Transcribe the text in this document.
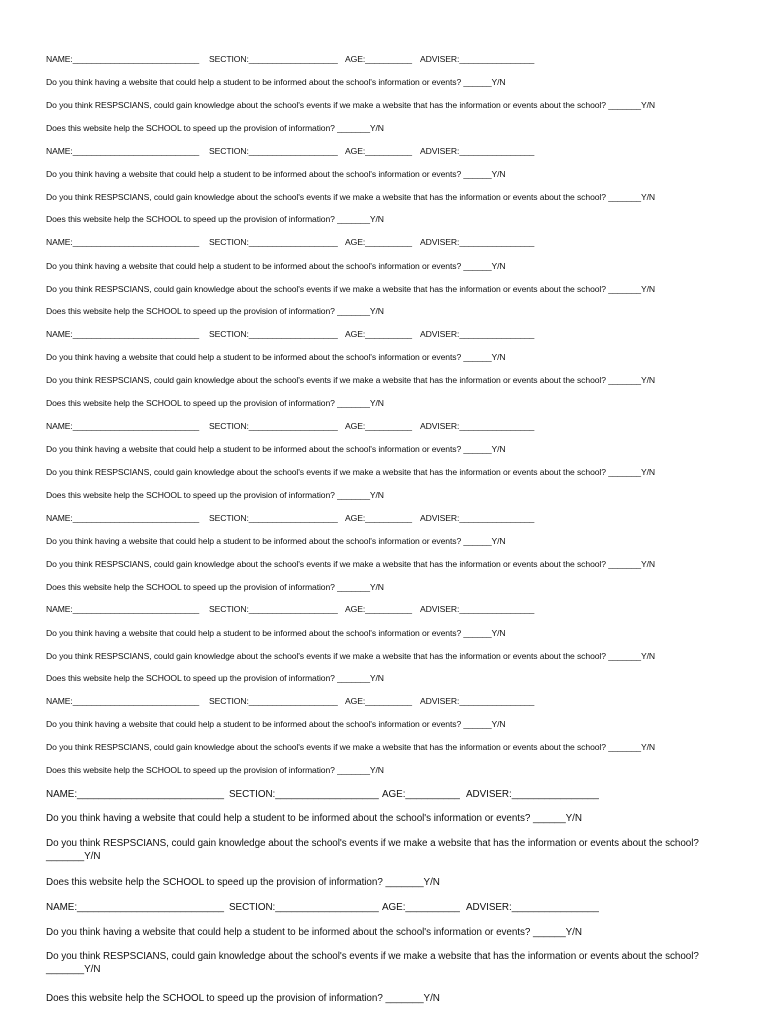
NAME:___________________________ SECTION:___________________ AGE:__________ ADVISER:________________
Do you think having a website that could help a student to be informed about the school's information or events? ______Y/N
Do you think RESPSCIANS, could gain knowledge about the school's events if we make a website that has the information or events about the school? _______Y/N
Does this website help the SCHOOL to speed up the provision of information? _______Y/N
NAME:___________________________ SECTION:___________________ AGE:__________ ADVISER:________________
Do you think having a website that could help a student to be informed about the school's information or events? ______Y/N
Do you think RESPSCIANS, could gain knowledge about the school's events if we make a website that has the information or events about the school? _______Y/N
Does this website help the SCHOOL to speed up the provision of information? _______Y/N
NAME:___________________________ SECTION:___________________ AGE:__________ ADVISER:________________
Do you think having a website that could help a student to be informed about the school's information or events? ______Y/N
Do you think RESPSCIANS, could gain knowledge about the school's events if we make a website that has the information or events about the school? _______Y/N
Does this website help the SCHOOL to speed up the provision of information? _______Y/N
NAME:___________________________ SECTION:___________________ AGE:__________ ADVISER:________________
Do you think having a website that could help a student to be informed about the school's information or events? ______Y/N
Do you think RESPSCIANS, could gain knowledge about the school's events if we make a website that has the information or events about the school? _______Y/N
Does this website help the SCHOOL to speed up the provision of information? _______Y/N
NAME:___________________________ SECTION:___________________ AGE:__________ ADVISER:________________
Do you think having a website that could help a student to be informed about the school's information or events? ______Y/N
Do you think RESPSCIANS, could gain knowledge about the school's events if we make a website that has the information or events about the school? _______Y/N
Does this website help the SCHOOL to speed up the provision of information? _______Y/N
NAME:___________________________ SECTION:___________________ AGE:__________ ADVISER:________________
Do you think having a website that could help a student to be informed about the school's information or events? ______Y/N
Do you think RESPSCIANS, could gain knowledge about the school's events if we make a website that has the information or events about the school? _______Y/N
Does this website help the SCHOOL to speed up the provision of information? _______Y/N
NAME:___________________________ SECTION:___________________ AGE:__________ ADVISER:________________
Do you think having a website that could help a student to be informed about the school's information or events? ______Y/N
Do you think RESPSCIANS, could gain knowledge about the school's events if we make a website that has the information or events about the school? _______Y/N
Does this website help the SCHOOL to speed up the provision of information? _______Y/N
NAME:___________________________ SECTION:___________________ AGE:__________ ADVISER:________________
Do you think having a website that could help a student to be informed about the school's information or events? ______Y/N
Do you think RESPSCIANS, could gain knowledge about the school's events if we make a website that has the information or events about the school? _______Y/N
Does this website help the SCHOOL to speed up the provision of information? _______Y/N
NAME:___________________________ SECTION:___________________ AGE:__________ ADVISER:________________
Do you think having a website that could help a student to be informed about the school's information or events? ______Y/N
Do you think RESPSCIANS, could gain knowledge about the school's events if we make a website that has the information or events about the school? _______Y/N
Does this website help the SCHOOL to speed up the provision of information? _______Y/N
NAME:___________________________ SECTION:___________________ AGE:__________ ADVISER:________________
Do you think having a website that could help a student to be informed about the school's information or events? ______Y/N
Do you think RESPSCIANS, could gain knowledge about the school's events if we make a website that has the information or events about the school? _______Y/N
Does this website help the SCHOOL to speed up the provision of information? _______Y/N
